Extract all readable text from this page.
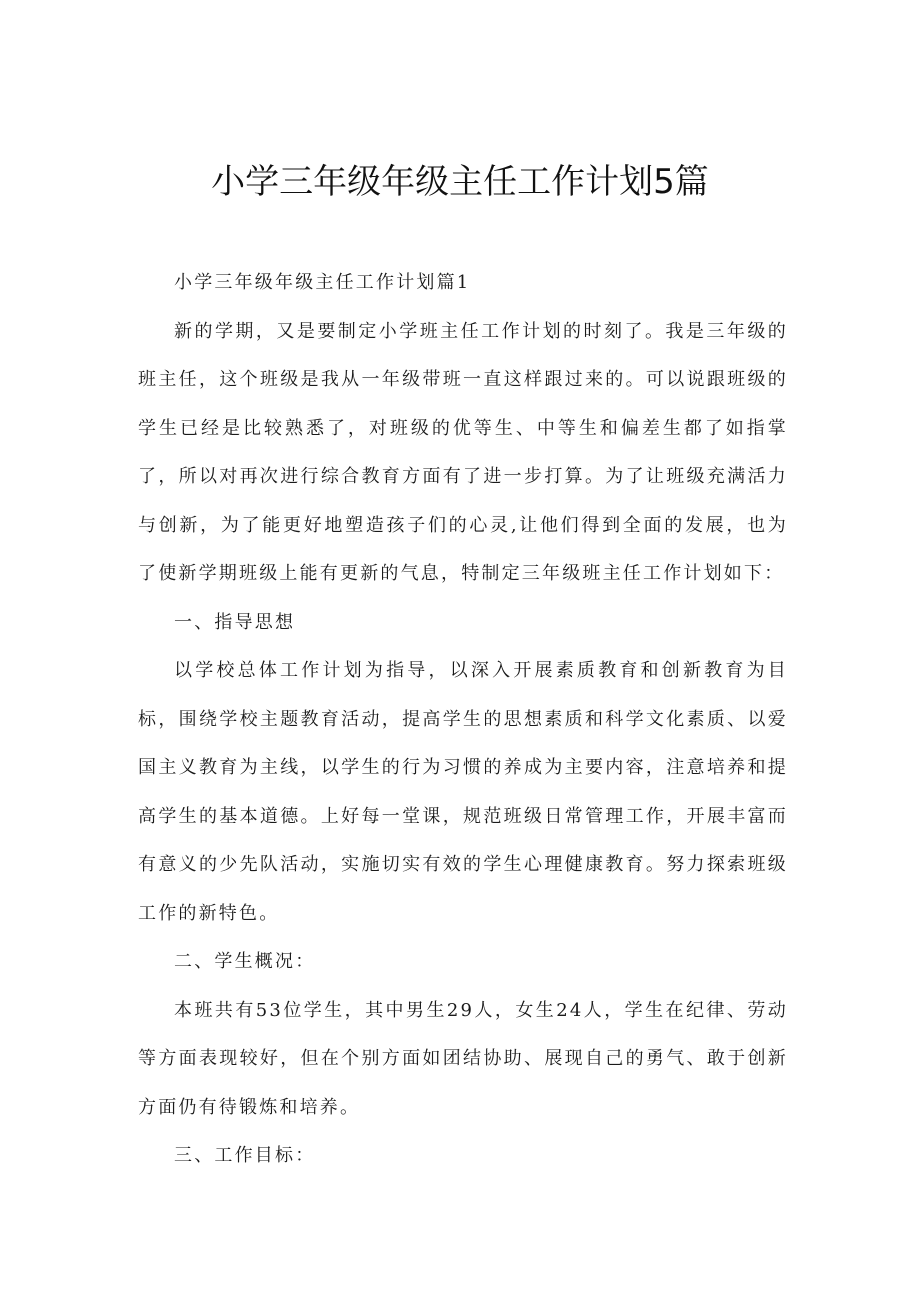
小学三年级年级主任工作计划5篇

小学三年级年级主任工作计划篇1

新的学期，又是要制定小学班主任工作计划的时刻了。我是三年级的班主任，这个班级是我从一年级带班一直这样跟过来的。可以说跟班级的学生已经是比较熟悉了，对班级的优等生、中等生和偏差生都了如指掌了，所以对再次进行综合教育方面有了进一步打算。为了让班级充满活力与创新，为了能更好地塑造孩子们的心灵,让他们得到全面的发展，也为了使新学期班级上能有更新的气息，特制定三年级班主任工作计划如下：

一、指导思想

以学校总体工作计划为指导，以深入开展素质教育和创新教育为目标，围绕学校主题教育活动，提高学生的思想素质和科学文化素质、以爱国主义教育为主线，以学生的行为习惯的养成为主要内容，注意培养和提高学生的基本道德。上好每一堂课，规范班级日常管理工作，开展丰富而有意义的少先队活动，实施切实有效的学生心理健康教育。努力探索班级工作的新特色。

二、学生概况：

本班共有53位学生，其中男生29人，女生24人，学生在纪律、劳动等方面表现较好，但在个别方面如团结协助、展现自己的勇气、敢于创新方面仍有待锻炼和培养。

三、工作目标：
